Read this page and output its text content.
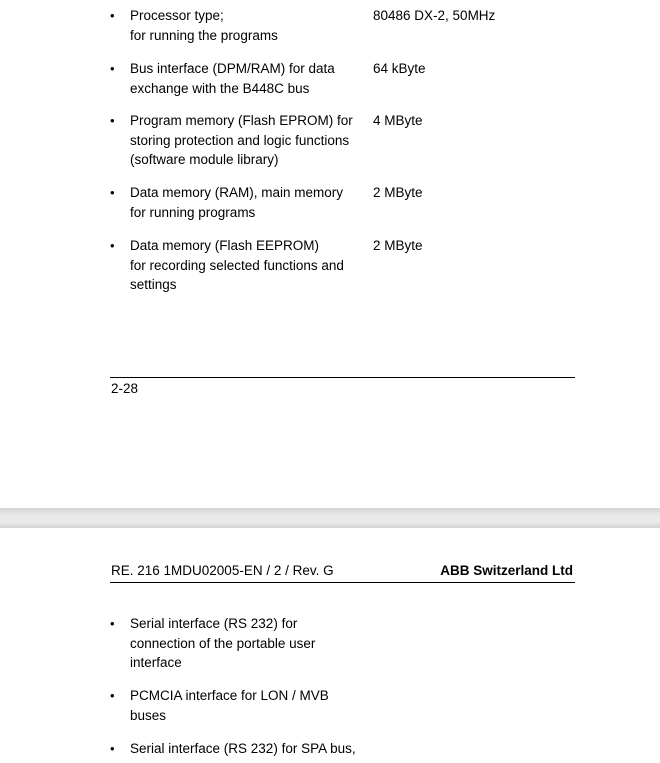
• Processor type;
for running the programs
80486 DX-2, 50MHz
• Bus interface (DPM/RAM) for data
exchange with the B448C bus
64 kByte
• Program memory (Flash EPROM) for
storing protection and logic functions
(software module library)
4 MByte
• Data memory (RAM), main memory
for running programs
2 MByte
• Data memory (Flash EEPROM)
for recording selected functions and
settings
2 MByte
2-28
RE. 216 1MDU02005-EN / 2 / Rev. G	ABB Switzerland Ltd
• Serial interface (RS 232) for
connection of the portable user
interface
• PCMCIA interface for LON / MVB
buses
• Serial interface (RS 232) for SPA bus,
